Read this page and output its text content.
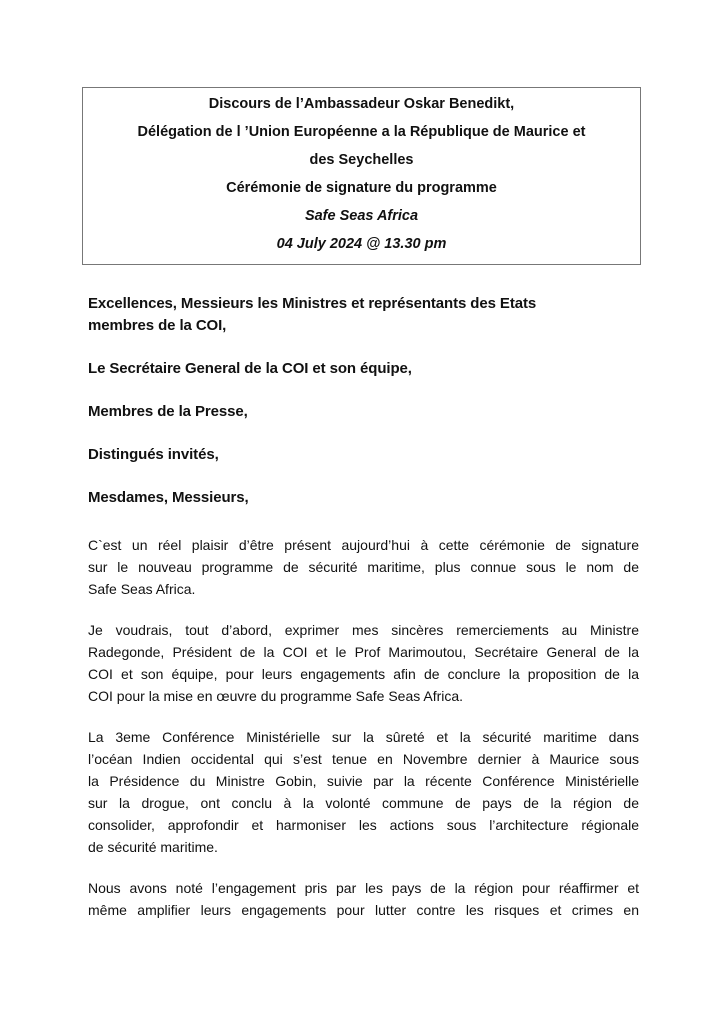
Discours de l’Ambassadeur Oskar Benedikt,
Délégation de l ’Union Européenne a la République de Maurice et
des Seychelles
Cérémonie de signature du programme
Safe Seas Africa
04 July 2024 @ 13.30 pm
Excellences, Messieurs les Ministres et représentants des Etats
membres de la COI,
Le Secrétaire General de la COI et son équipe,
Membres de la Presse,
Distingués invités,
Mesdames, Messieurs,
C`est un réel plaisir d’être présent aujourd’hui à cette cérémonie de signature
sur le nouveau programme de sécurité maritime, plus connue sous le nom de
Safe Seas Africa.
Je voudrais, tout d’abord, exprimer mes sincères remerciements au Ministre
Radegonde, Président de la COI et le Prof Marimoutou, Secrétaire General de la
COI et son équipe, pour leurs engagements afin de conclure la proposition de la
COI pour la mise en œuvre du programme Safe Seas Africa.
La 3eme Conférence Ministérielle sur la sûreté et la sécurité maritime dans
l’océan Indien occidental qui s’est tenue en Novembre dernier à Maurice sous
la Présidence du Ministre Gobin, suivie par la récente Conférence Ministérielle
sur la drogue, ont conclu à la volonté commune de pays de la région de
consolider, approfondir et harmoniser les actions sous l’architecture régionale
de sécurité maritime.
Nous avons noté l’engagement pris par les pays de la région pour réaffirmer et
même amplifier leurs engagements pour lutter contre les risques et crimes en
